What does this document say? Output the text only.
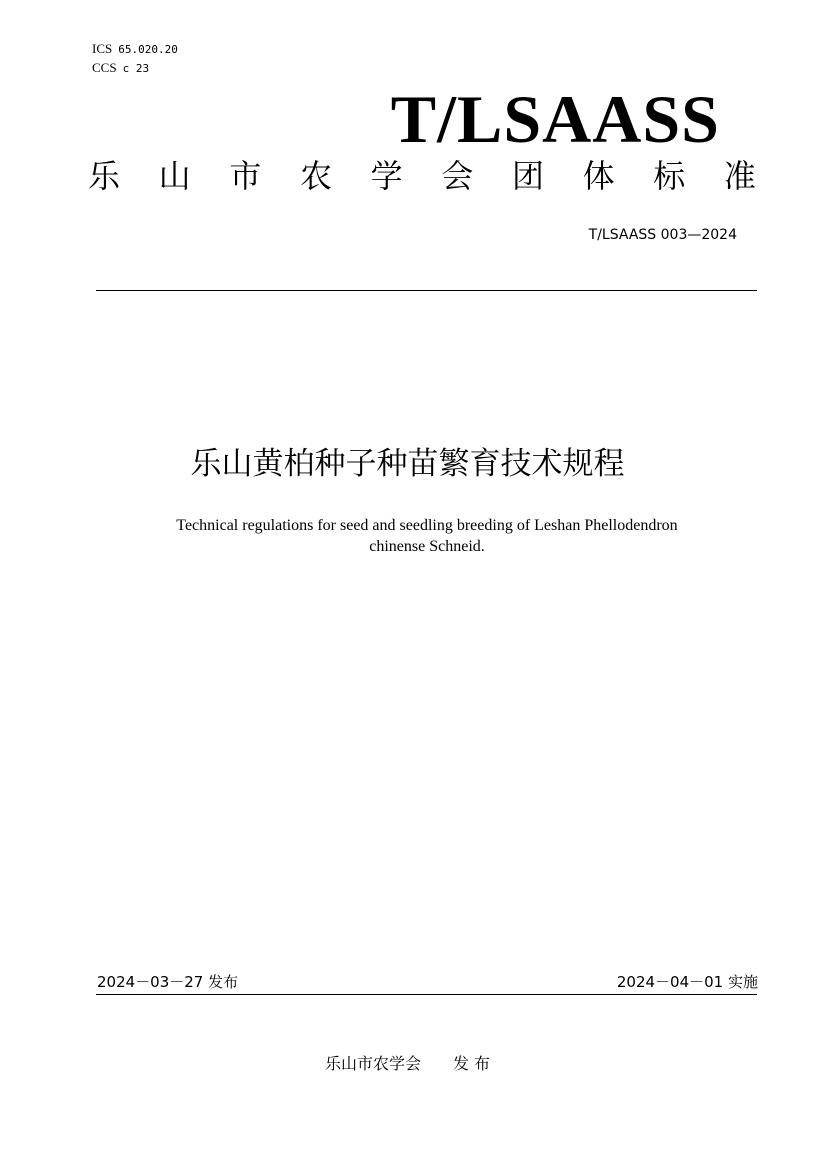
ICS 65.020.20
CCS c 23
T/LSAASS
乐 山 市 农 学 会 团 体 标 准
T/LSAASS 003—2024
乐山黄柏种子种苗繁育技术规程
Technical regulations for seed and seedling breeding of Leshan Phellodendron
chinense Schneid.
2024－03－27 发布	2024－04－01 实施
乐山市农学会　　发 布
